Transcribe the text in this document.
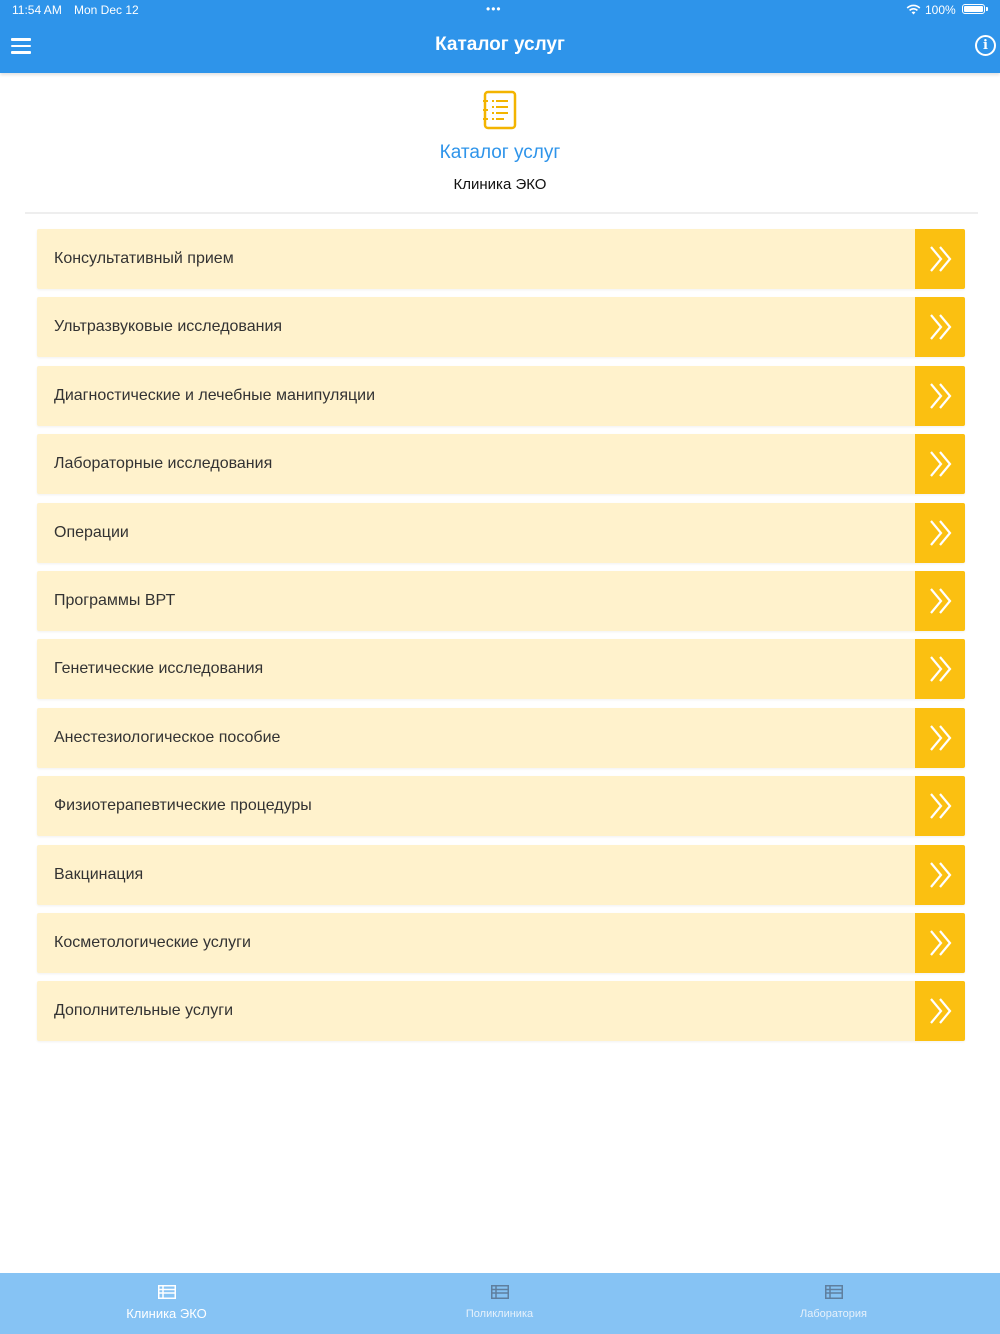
11:54 AM Mon Dec 12	•••	100%
Каталог услуг	i
Каталог услуг
Клиника ЭКО
Консультативный прием
Ультразвуковые исследования
Диагностические и лечебные манипуляции
Лабораторные исследования
Операции
Программы ВРТ
Генетические исследования
Анестезиологическое пособие
Физиотерапевтические процедуры
Вакцинация
Косметологические услуги
Дополнительные услуги
Клиника ЭКО	Поликлиника	Лаборатория
